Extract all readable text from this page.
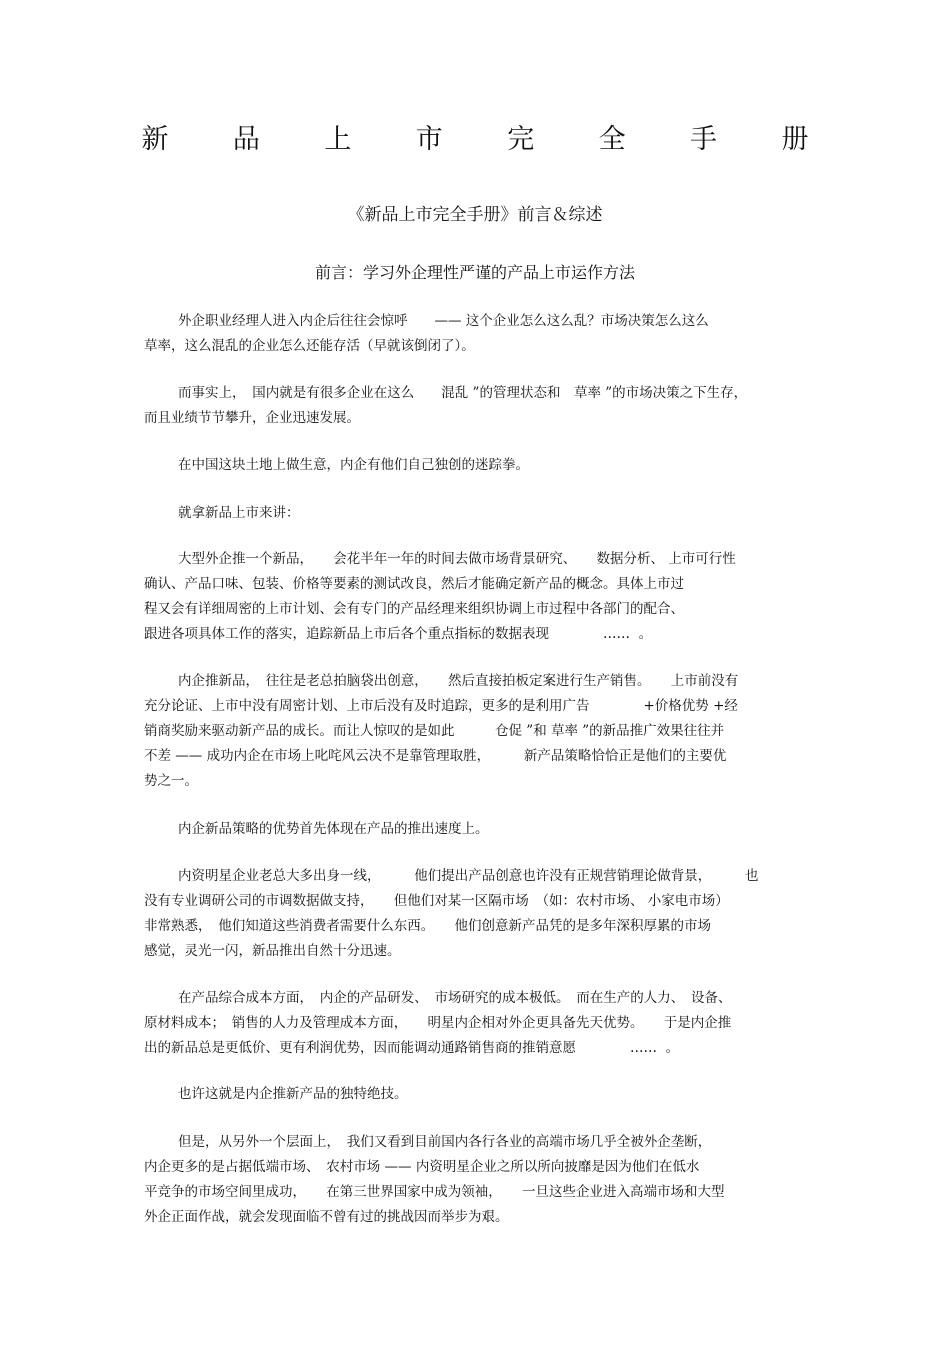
新 品 上 市 完 全 手 册
《新品上市完全手册》前言＆综述
前言：学习外企理性严谨的产品上市运作方法
外企职业经理人进入内企后往往会惊呼　　—— 这个企业怎么这么乱？市场决策怎么这么
草率，这么混乱的企业怎么还能存活（早就该倒闭了）。
而事实上，　国内就是有很多企业在这么　　混乱 ”的管理状态和　草率 ”的市场决策之下生存，
而且业绩节节攀升，企业迅速发展。
在中国这块土地上做生意，内企有他们自己独创的迷踪拳。
就拿新品上市来讲：
大型外企推一个新品，　　会花半年一年的时间去做市场背景研究、　　数据分析、 上市可行性
确认、产品口味、包装、价格等要素的测试改良，然后才能确定新产品的概念。具体上市过
程又会有详细周密的上市计划、会有专门的产品经理来组织协调上市过程中各部门的配合、
跟进各项具体工作的落实，追踪新品上市后各个重点指标的数据表现　　　　……  。
内企推新品，　往往是老总拍脑袋出创意，　　然后直接拍板定案进行生产销售。　　上市前没有
充分论证、上市中没有周密计划、上市后没有及时追踪，更多的是利用广告　　　　+价格优势 +经
销商奖励来驱动新产品的成长。而让人惊叹的是如此　　　仓促 ”和 草率 ”的新品推广效果往往并
不差 —— 成功内企在市场上叱咤风云决不是靠管理取胜，　　　新产品策略恰恰正是他们的主要优
势之一。
内企新品策略的优势首先体现在产品的推出速度上。
内资明星企业老总大多出身一线，　　　他们提出产品创意也许没有正规营销理论做背景，　　　也
没有专业调研公司的市调数据做支持，　　但他们对某一区隔市场　（如：农村市场、 小家电市场）
非常熟悉，　他们知道这些消费者需要什么东西。　　他们创意新产品凭的是多年深积厚累的市场
感觉，灵光一闪，新品推出自然十分迅速。
在产品综合成本方面，　内企的产品研发、　市场研究的成本极低。　而在生产的人力、　设备、
原材料成本；　销售的人力及管理成本方面，　　明星内企相对外企更具备先天优势。　　于是内企推
出的新品总是更低价、更有利润优势，因而能调动通路销售商的推销意愿　　　　……  。
也许这就是内企推新产品的独特绝技。
但是，从另外一个层面上，　我们又看到目前国内各行各业的高端市场几乎全被外企垄断，
内企更多的是占据低端市场、　农村市场 —— 内资明星企业之所以所向披靡是因为他们在低水
平竞争的市场空间里成功，　　在第三世界国家中成为领袖，　　一旦这些企业进入高端市场和大型
外企正面作战，就会发现面临不曾有过的挑战因而举步为艰。
